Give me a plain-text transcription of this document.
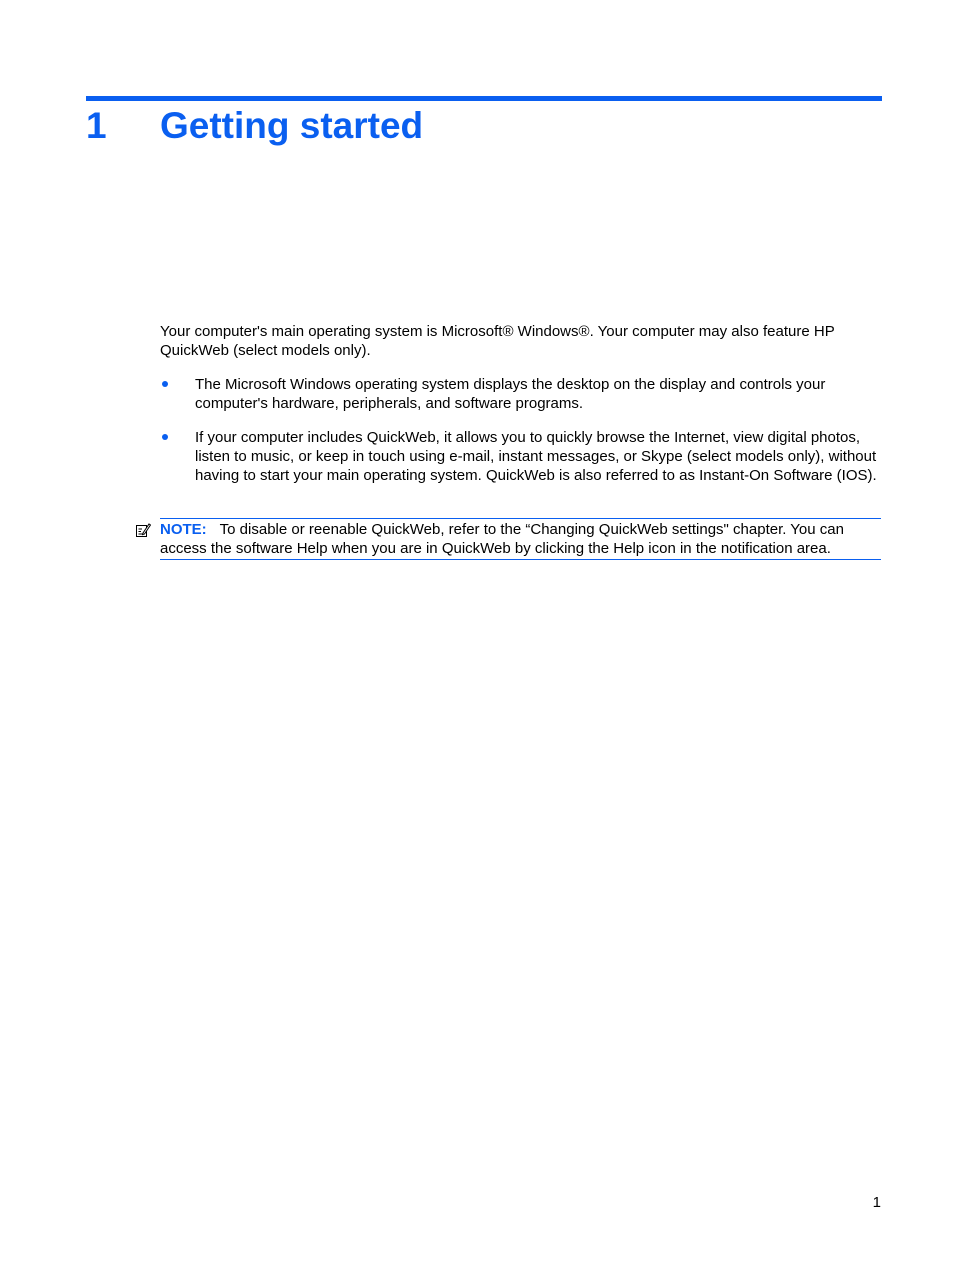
1 Getting started

Your computer's main operating system is Microsoft® Windows®. Your computer may also feature HP QuickWeb (select models only).

The Microsoft Windows operating system displays the desktop on the display and controls your computer's hardware, peripherals, and software programs.
If your computer includes QuickWeb, it allows you to quickly browse the Internet, view digital photos, listen to music, or keep in touch using e-mail, instant messages, or Skype (select models only), without having to start your main operating system. QuickWeb is also referred to as Instant-On Software (IOS).
NOTE: To disable or reenable QuickWeb, refer to the “Changing QuickWeb settings" chapter. You can access the software Help when you are in QuickWeb by clicking the Help icon in the notification area.
1
